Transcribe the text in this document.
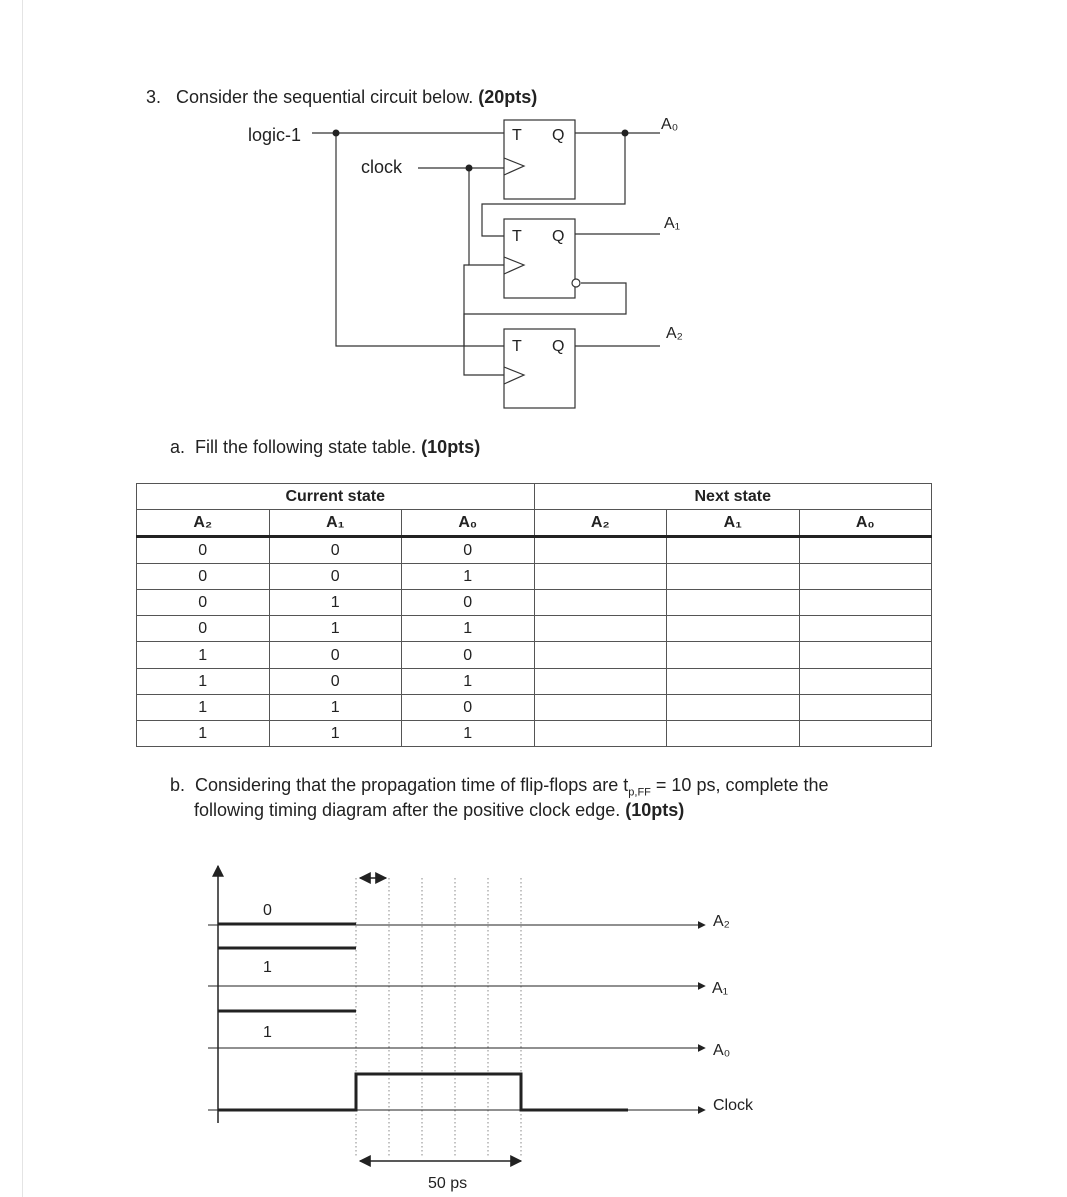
3. Consider the sequential circuit below. (20pts)
T Q
T Q
T Q
A₀
A₁
A₂
logic-1
clock
a. Fill the following state table. (10pts)
Current state			Next state		
A₂	A₁	A₀	A₂	A₁	A₀
0	0	0			
0	0	1			
0	1	0			
0	1	1			
1	0	0			
1	0	1			
1	1	0			
1	1	1			
b. Considering that the propagation time of flip-flops are $t_{p,FF} = 10$ ps, complete the
following timing diagram after the positive clock edge. (10pts)
0
1
1
A₂
A₁
A₀
Clock
50 ps
